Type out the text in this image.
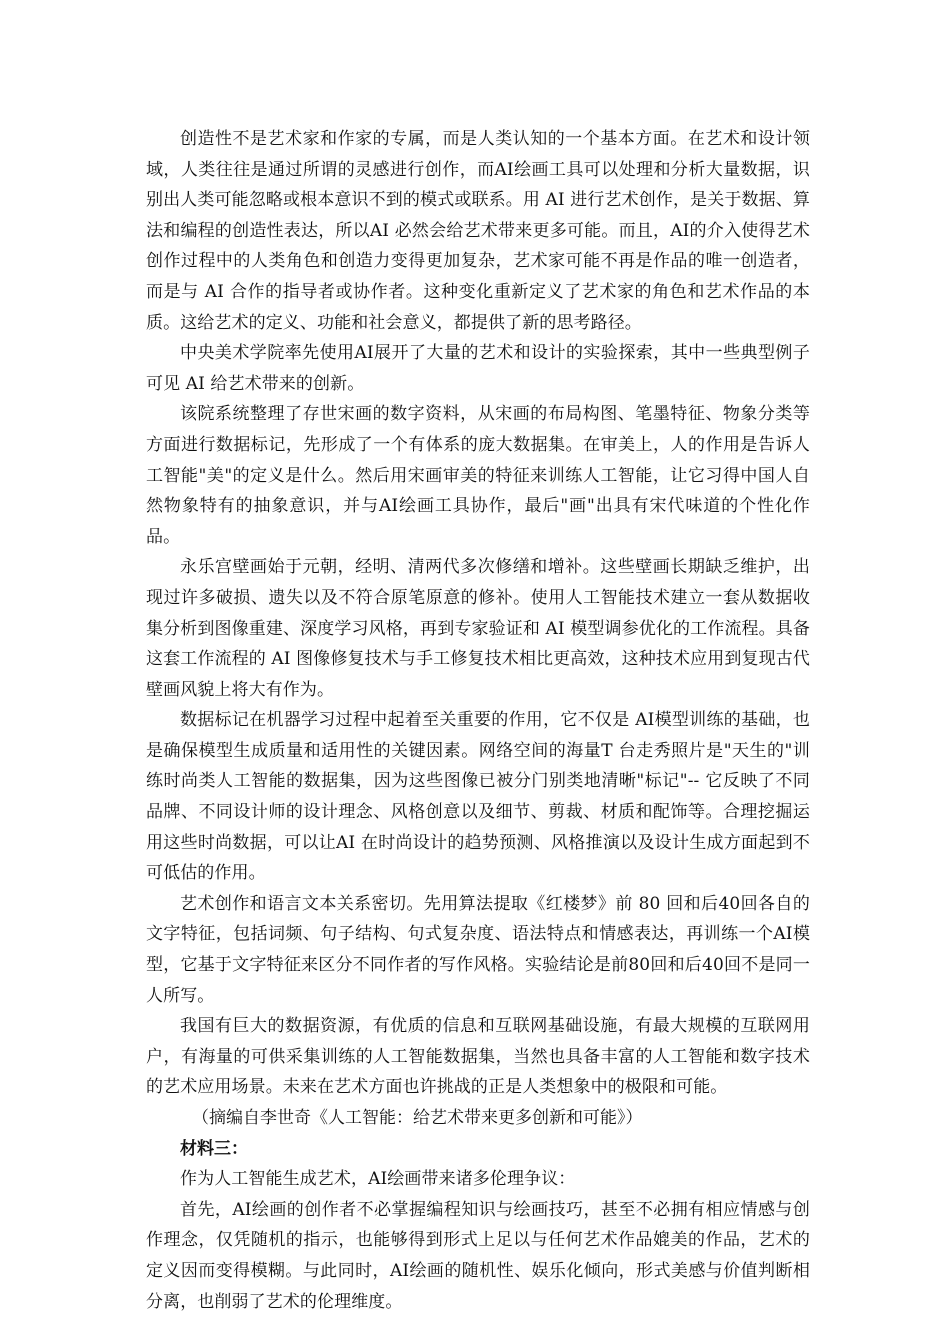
创造性不是艺术家和作家的专属，而是人类认知的一个基本方面。在艺术和设计领域，人类往往是通过所谓的灵感进行创作，而AI绘画工具可以处理和分析大量数据，识别出人类可能忽略或根本意识不到的模式或联系。用 AI 进行艺术创作，是关于数据、算法和编程的创造性表达，所以AI 必然会给艺术带来更多可能。而且，AI的介入使得艺术创作过程中的人类角色和创造力变得更加复杂，艺术家可能不再是作品的唯一创造者，而是与 AI 合作的指导者或协作者。这种变化重新定义了艺术家的角色和艺术作品的本质。这给艺术的定义、功能和社会意义，都提供了新的思考路径。

中央美术学院率先使用AI展开了大量的艺术和设计的实验探索，其中一些典型例子可见 AI 给艺术带来的创新。

该院系统整理了存世宋画的数字资料，从宋画的布局构图、笔墨特征、物象分类等方面进行数据标记，先形成了一个有体系的庞大数据集。在审美上，人的作用是告诉人工智能"美"的定义是什么。然后用宋画审美的特征来训练人工智能，让它习得中国人自然物象特有的抽象意识，并与AI绘画工具协作，最后"画"出具有宋代味道的个性化作品。

永乐宫壁画始于元朝，经明、清两代多次修缮和增补。这些壁画长期缺乏维护，出现过许多破损、遗失以及不符合原笔原意的修补。使用人工智能技术建立一套从数据收集分析到图像重建、深度学习风格，再到专家验证和 AI 模型调参优化的工作流程。具备这套工作流程的 AI 图像修复技术与手工修复技术相比更高效，这种技术应用到复现古代壁画风貌上将大有作为。

数据标记在机器学习过程中起着至关重要的作用，它不仅是 AI模型训练的基础，也是确保模型生成质量和适用性的关键因素。网络空间的海量T 台走秀照片是"天生的"训练时尚类人工智能的数据集，因为这些图像已被分门别类地清晰"标记"-- 它反映了不同品牌、不同设计师的设计理念、风格创意以及细节、剪裁、材质和配饰等。合理挖掘运用这些时尚数据，可以让AI 在时尚设计的趋势预测、风格推演以及设计生成方面起到不可低估的作用。

艺术创作和语言文本关系密切。先用算法提取《红楼梦》前 80 回和后40回各自的文字特征，包括词频、句子结构、句式复杂度、语法特点和情感表达，再训练一个AI模型，它基于文字特征来区分不同作者的写作风格。实验结论是前80回和后40回不是同一人所写。

我国有巨大的数据资源，有优质的信息和互联网基础设施，有最大规模的互联网用户，有海量的可供采集训练的人工智能数据集，当然也具备丰富的人工智能和数字技术的艺术应用场景。未来在艺术方面也许挑战的正是人类想象中的极限和可能。

（摘编自李世奇《人工智能：给艺术带来更多创新和可能》）

材料三：

作为人工智能生成艺术，AI绘画带来诸多伦理争议：

首先，AI绘画的创作者不必掌握编程知识与绘画技巧，甚至不必拥有相应情感与创作理念，仅凭随机的指示，也能够得到形式上足以与任何艺术作品媲美的作品，艺术的定义因而变得模糊。与此同时，AI绘画的随机性、娱乐化倾向，形式美感与价值判断相分离，也削弱了艺术的伦理维度。
